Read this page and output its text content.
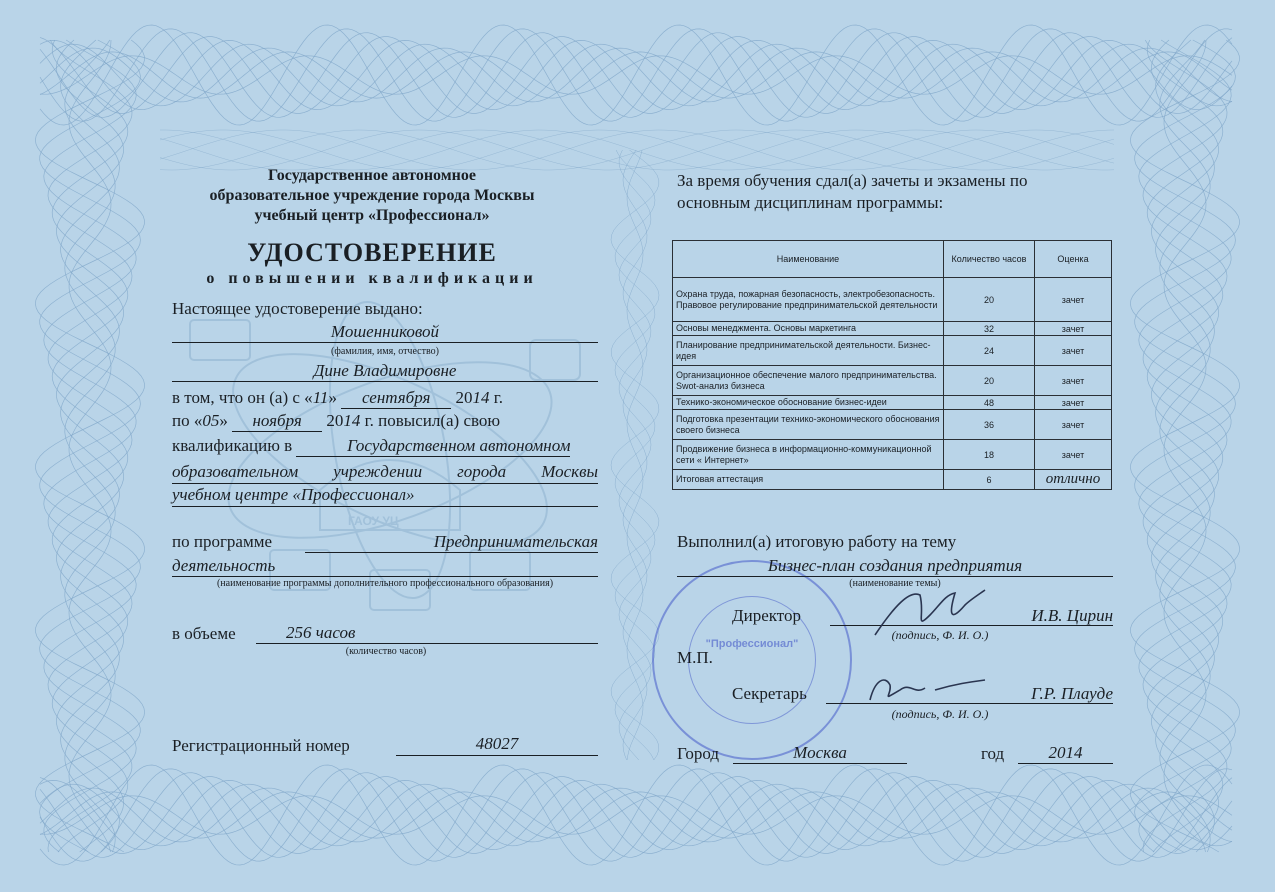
ГАОУ УЦ
Государственное автономное
образовательное учреждение города Москвы
учебный центр «Профессионал»
УДОСТОВЕРЕНИЕ
о повышении квалификации
Настоящее удостоверение выдано:
Мошенниковой
(фамилия, имя, отчество)
Дине Владимировне
в том, что он (а) с «11» сентября 2014 г.
по «05» ноября 2014 г. повысил(а) свою
квалификацию в	Государственном автономном
образовательном учреждении города Москвы
учебном центре «Профессионал»
по программе	Предпринимательская
деятельность
(наименование программы дополнительного профессионального образования)
в объеме	256 часов
(количество часов)
Регистрационный номер	48027
За время обучения сдал(а) зачеты и экзамены по
основным дисциплинам программы:
Наименование	Количество часов	Оценка
Охрана труда, пожарная безопасность, электробезопасность. Правовое регулирование предпринимательской деятельности	20	зачет
Основы менеджмента. Основы маркетинга	32	зачет
Планирование предпринимательской деятельности. Бизнес-идея	24	зачет
Организационное обеспечение малого предпринимательства. Swot-анализ бизнеса	20	зачет
Технико-экономическое обоснование бизнес-идеи	48	зачет
Подготовка презентации технико-экономического обоснования своего бизнеса	36	зачет
Продвижение бизнеса в информационно-коммуникационной сети « Интернет»	18	зачет
Итоговая аттестация	6	отлично
"Профессионал"
Выполнил(а) итоговую работу на тему
Бизнес-план создания предприятия
(наименование темы)
Директор	И.В. Цирин
(подпись, Ф. И. О.)
М.П.
Секретарь	Г.Р. Плауде
(подпись, Ф. И. О.)
Город	Москва	год	2014
